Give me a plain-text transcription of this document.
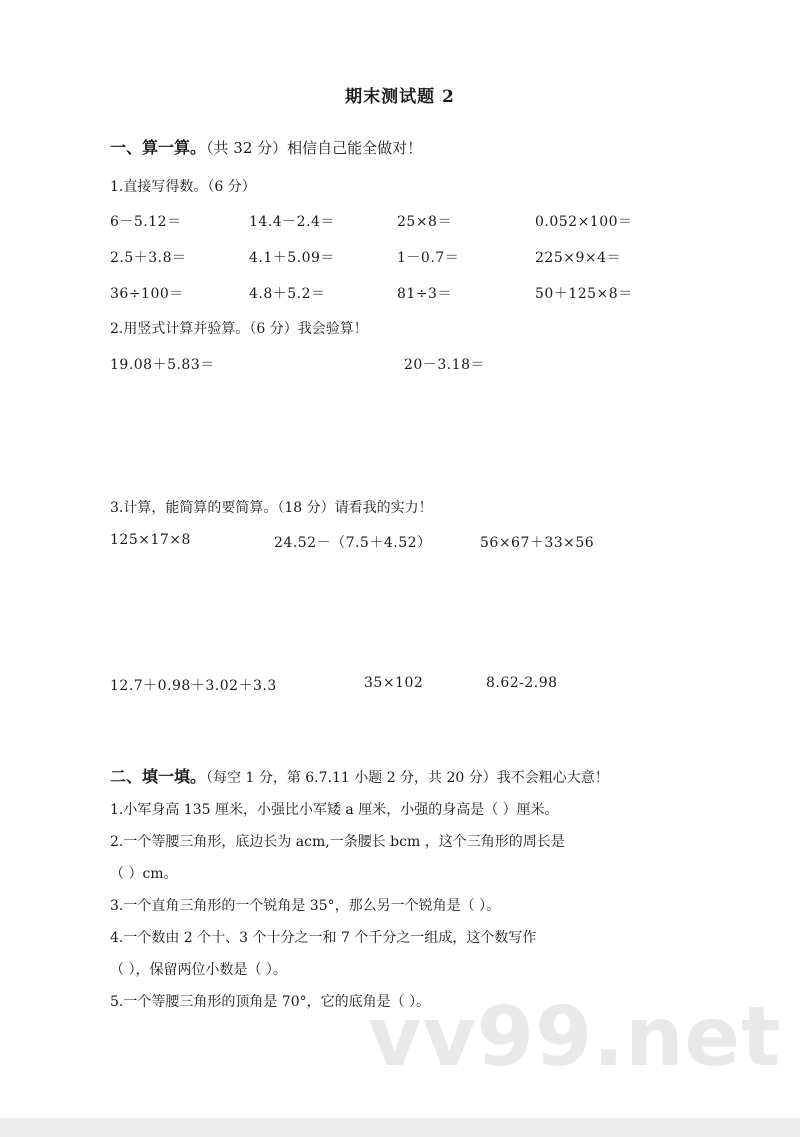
期末测试题 2
一、算一算。（共 32 分）相信自己能全做对！
1.直接写得数。（6 分）
6－5.12＝	14.4－2.4＝	25×8＝	0.052×100＝
2.5＋3.8＝	4.1＋5.09＝	1－0.7＝	225×9×4＝
36÷100＝	4.8＋5.2＝	81÷3＝	50＋125×8＝
2.用竖式计算并验算。（6 分）我会验算！
19.08＋5.83＝	20－3.18＝
3.计算，能简算的要简算。（18 分）请看我的实力！
125×17×8	24.52－（7.5＋4.52）	56×67＋33×56
12.7＋0.98＋3.02＋3.3	35×102	8.62-2.98
二、填一填。（每空 1 分，第 6.7.11 小题 2 分，共 20 分）我不会粗心大意！
1.小军身高 135 厘米，小强比小军矮 a 厘米，小强的身高是（ ）厘米。
2.一个等腰三角形，底边长为 acm,一条腰长 bcm ，这个三角形的周长是
（ ）cm。
3.一个直角三角形的一个锐角是 35°，那么另一个锐角是（ ）。
4.一个数由 2 个十、3 个十分之一和 7 个千分之一组成，这个数写作
（ ），保留两位小数是（ ）。
5.一个等腰三角形的顶角是 70°，它的底角是（ ）。
vv99.net
